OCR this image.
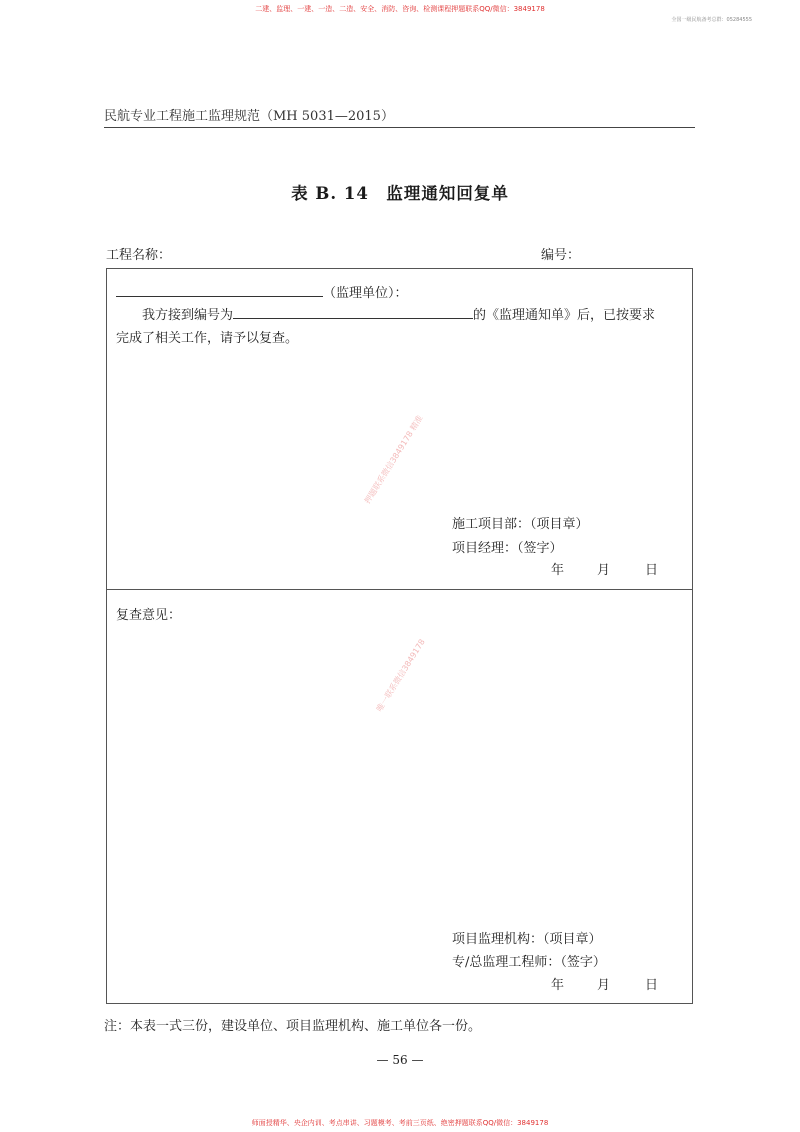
二建、监理、一建、一造、二造、安全、消防、咨询、检测课程押题联系QQ/微信：3849178
全国一级民航备考总群：05284555
民航专业工程施工监理规范（MH 5031—2015）
表 B. 14　监理通知回复单
工程名称：	编号：
（监理单位）：
我方接到编号为	的《监理通知单》后，已按要求
完成了相关工作，请予以复查。
押题联系微信3849178 精准
施工项目部：（项目章）
项目经理：（签字）
年	月	日
复查意见：
唯一联系微信3849178
项目监理机构：（项目章）
专/总监理工程师：（签字）
年	月	日
注：本表一式三份，建设单位、项目监理机构、施工单位各一份。
— 56 —
师面授精华、央企内训、考点串讲、习题模考、考前三页纸、绝密押题联系QQ/微信：3849178
